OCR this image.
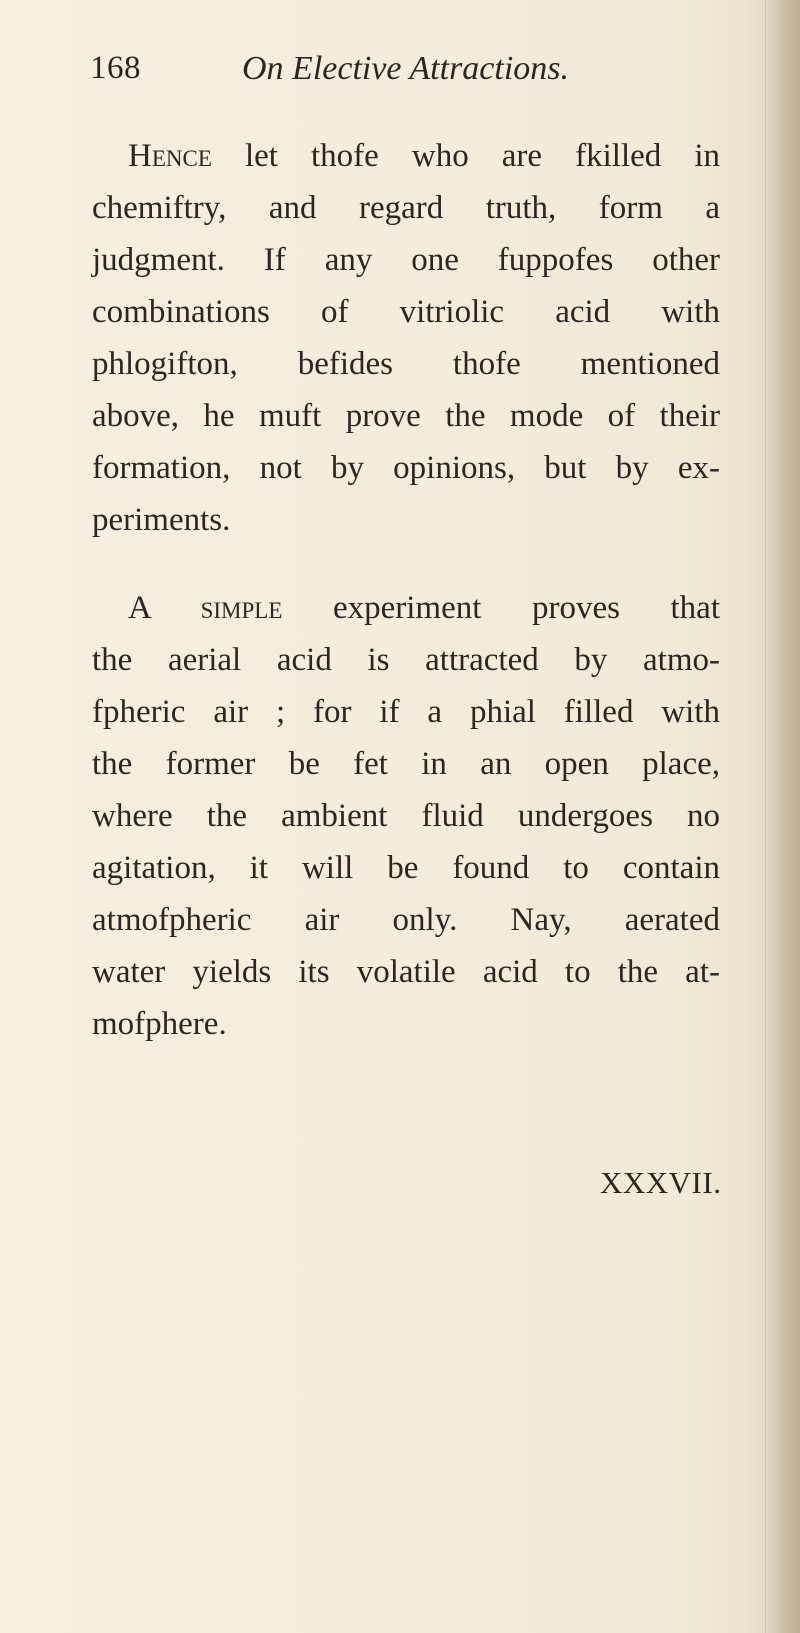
168	On Elective Attractions.
Hence let thofe who are fkilled in
chemiftry, and regard truth, form a
judgment. If any one fuppofes other
combinations of vitriolic acid with
phlogifton, befides thofe mentioned
above, he muft prove the mode of their
formation, not by opinions, but by ex-
periments.
A simple experiment proves that
the aerial acid is attracted by atmo-
fpheric air ; for if a phial filled with
the former be fet in an open place,
where the ambient fluid undergoes no
agitation, it will be found to contain
atmofpheric air only. Nay, aerated
water yields its volatile acid to the at-
mofphere.
XXXVII.
